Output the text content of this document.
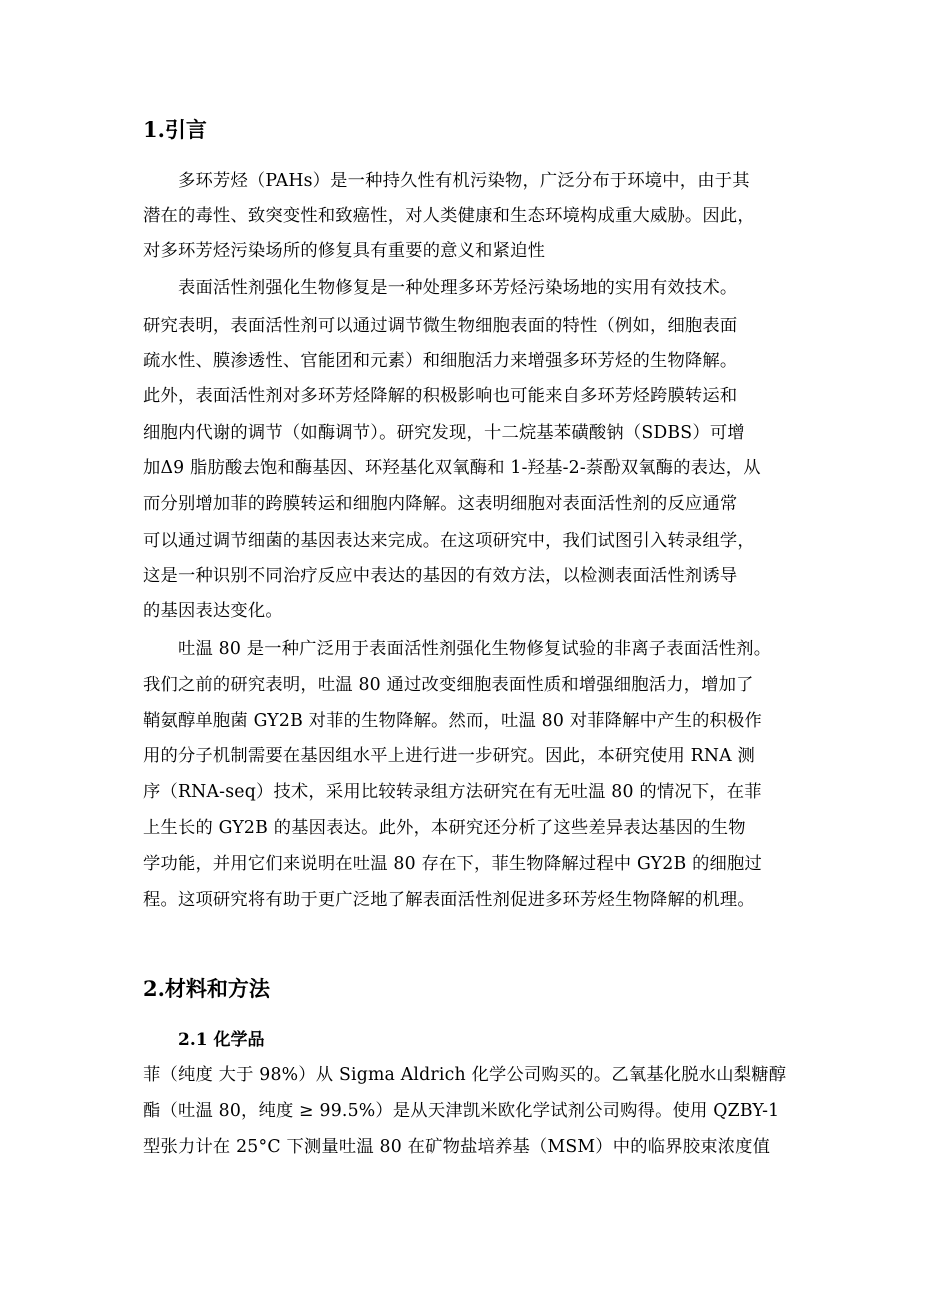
1.引言
多环芳烃（PAHs）是一种持久性有机污染物，广泛分布于环境中，由于其
潜在的毒性、致突变性和致癌性，对人类健康和生态环境构成重大威胁。因此，
对多环芳烃污染场所的修复具有重要的意义和紧迫性
表面活性剂强化生物修复是一种处理多环芳烃污染场地的实用有效技术。
研究表明，表面活性剂可以通过调节微生物细胞表面的特性（例如，细胞表面
疏水性、膜渗透性、官能团和元素）和细胞活力来增强多环芳烃的生物降解。
此外，表面活性剂对多环芳烃降解的积极影响也可能来自多环芳烃跨膜转运和
细胞内代谢的调节（如酶调节）。研究发现，十二烷基苯磺酸钠（SDBS）可增
加Δ9 脂肪酸去饱和酶基因、环羟基化双氧酶和 1-羟基-2-萘酚双氧酶的表达，从
而分别增加菲的跨膜转运和细胞内降解。这表明细胞对表面活性剂的反应通常
可以通过调节细菌的基因表达来完成。在这项研究中，我们试图引入转录组学，
这是一种识别不同治疗反应中表达的基因的有效方法，以检测表面活性剂诱导
的基因表达变化。
吐温 80 是一种广泛用于表面活性剂强化生物修复试验的非离子表面活性剂。
我们之前的研究表明，吐温 80 通过改变细胞表面性质和增强细胞活力，增加了
鞘氨醇单胞菌 GY2B 对菲的生物降解。然而，吐温 80 对菲降解中产生的积极作
用的分子机制需要在基因组水平上进行进一步研究。因此，本研究使用 RNA 测
序（RNA-seq）技术，采用比较转录组方法研究在有无吐温 80 的情况下，在菲
上生长的 GY2B 的基因表达。此外，本研究还分析了这些差异表达基因的生物
学功能，并用它们来说明在吐温 80 存在下，菲生物降解过程中 GY2B 的细胞过
程。这项研究将有助于更广泛地了解表面活性剂促进多环芳烃生物降解的机理。
2.材料和方法
2.1 化学品
菲（纯度 大于 98%）从 Sigma Aldrich 化学公司购买的。乙氧基化脱水山梨糖醇
酯（吐温 80，纯度 ≥ 99.5%）是从天津凯米欧化学试剂公司购得。使用 QZBY-1
型张力计在 25°C 下测量吐温 80 在矿物盐培养基（MSM）中的临界胶束浓度值
